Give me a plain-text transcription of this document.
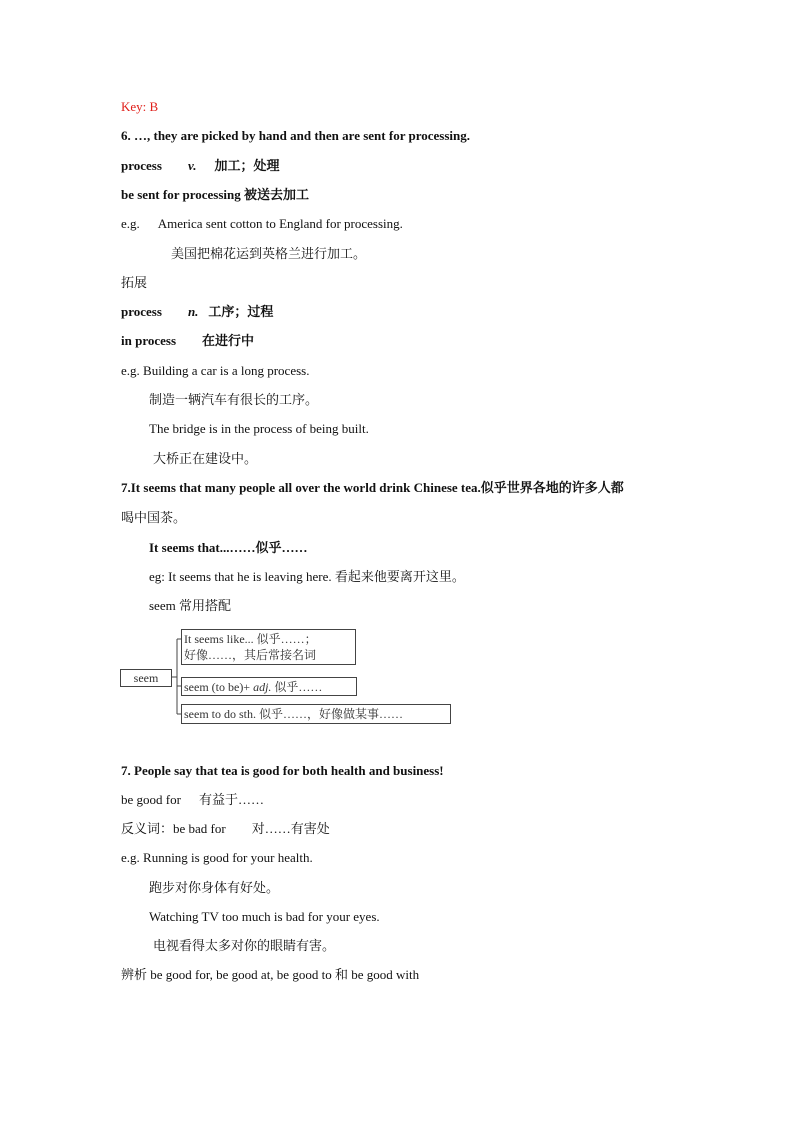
Key: B
6. …, they are picked by hand and then are sent for processing.
process v. 加工；处理
be sent for processing 被送去加工
e.g. America sent cotton to England for processing.
美国把棉花运到英格兰进行加工。
拓展
process n. 工序；过程
in process 在进行中
e.g. Building a car is a long process.
制造一辆汽车有很长的工序。
The bridge is in the process of being built.
大桥正在建设中。
7.It seems that many people all over the world drink Chinese tea.似乎世界各地的许多人都
喝中国茶。
It seems that...……似乎……
eg: It seems that he is leaving here. 看起来他要离开这里。
seem 常用搭配
seem
It seems like... 似乎……；
好像……，其后常接名词
seem (to be)+ adj. 似乎……
seem to do sth. 似乎……，好像做某事……
7. People say that tea is good for both health and business!
be good for 有益于……
反义词：be bad for 对……有害处
e.g. Running is good for your health.
跑步对你身体有好处。
Watching TV too much is bad for your eyes.
电视看得太多对你的眼睛有害。
辨析 be good for, be good at, be good to 和 be good with
